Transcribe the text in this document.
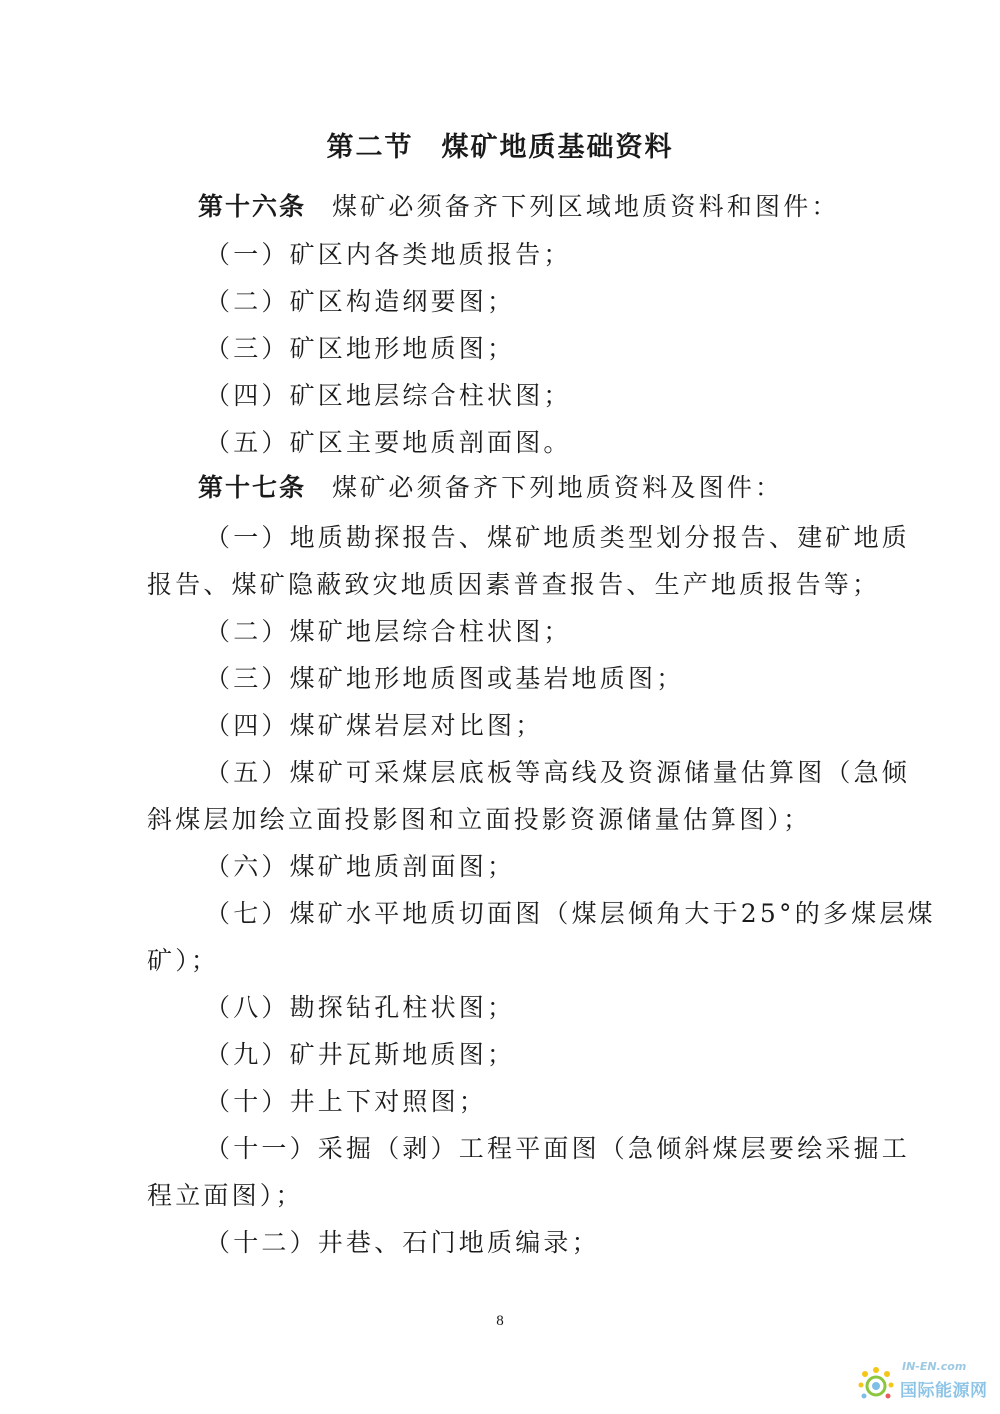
第二节 煤矿地质基础资料
第十六条 煤矿必须备齐下列区域地质资料和图件：
（一）矿区内各类地质报告；
（二）矿区构造纲要图；
（三）矿区地形地质图；
（四）矿区地层综合柱状图；
（五）矿区主要地质剖面图。
第十七条 煤矿必须备齐下列地质资料及图件：
（一）地质勘探报告、煤矿地质类型划分报告、建矿地质
报告、煤矿隐蔽致灾地质因素普查报告、生产地质报告等；
（二）煤矿地层综合柱状图；
（三）煤矿地形地质图或基岩地质图；
（四）煤矿煤岩层对比图；
（五）煤矿可采煤层底板等高线及资源储量估算图（急倾
斜煤层加绘立面投影图和立面投影资源储量估算图）；
（六）煤矿地质剖面图；
（七）煤矿水平地质切面图（煤层倾角大于25°的多煤层煤
矿）；
（八）勘探钻孔柱状图；
（九）矿井瓦斯地质图；
（十）井上下对照图；
（十一）采掘（剥）工程平面图（急倾斜煤层要绘采掘工
程立面图）；
（十二）井巷、石门地质编录；
8
IN-EN.com
国际能源网
